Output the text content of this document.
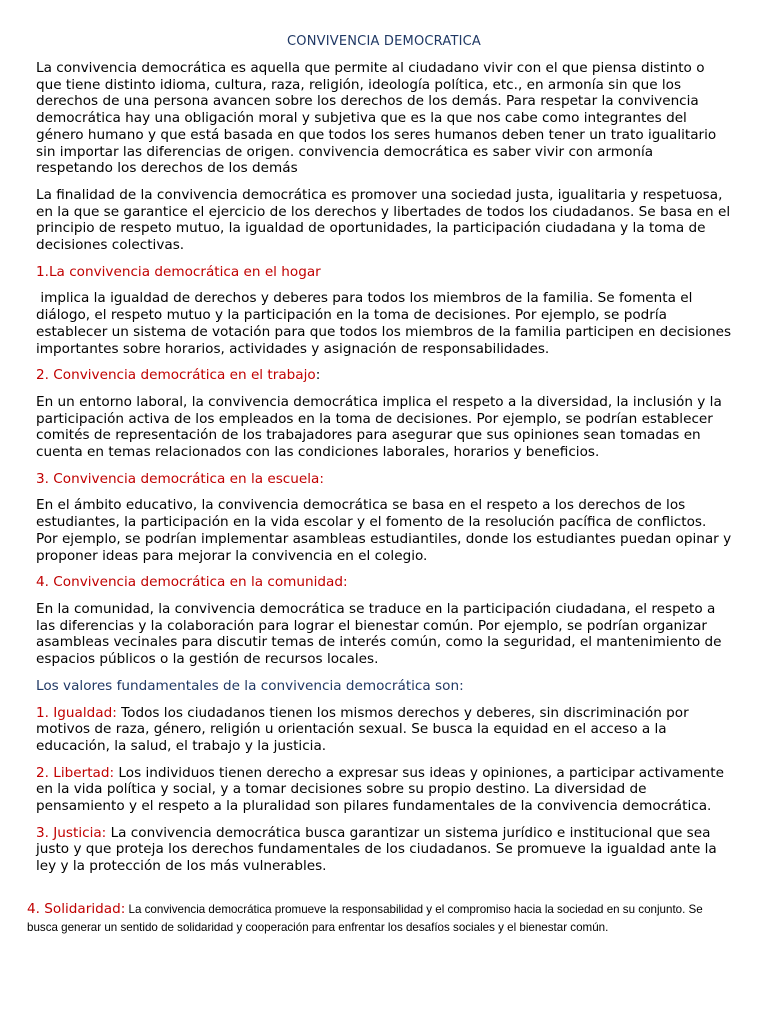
CONVIVENCIA DEMOCRATICA

La convivencia democrática es aquella que permite al ciudadano vivir con el que piensa distinto o que tiene distinto idioma, cultura, raza, religión, ideología política, etc., en armonía sin que los derechos de una persona avancen sobre los derechos de los demás. Para respetar la convivencia democrática hay una obligación moral y subjetiva que es la que nos cabe como integrantes del género humano y que está basada en que todos los seres humanos deben tener un trato igualitario sin importar las diferencias de origen. convivencia democrática es saber vivir con armonía respetando los derechos de los demás

La finalidad de la convivencia democrática es promover una sociedad justa, igualitaria y respetuosa, en la que se garantice el ejercicio de los derechos y libertades de todos los ciudadanos. Se basa en el principio de respeto mutuo, la igualdad de oportunidades, la participación ciudadana y la toma de decisiones colectivas.

1.La convivencia democrática en el hogar

implica la igualdad de derechos y deberes para todos los miembros de la familia. Se fomenta el diálogo, el respeto mutuo y la participación en la toma de decisiones. Por ejemplo, se podría establecer un sistema de votación para que todos los miembros de la familia participen en decisiones importantes sobre horarios, actividades y asignación de responsabilidades.

2. Convivencia democrática en el trabajo:

En un entorno laboral, la convivencia democrática implica el respeto a la diversidad, la inclusión y la participación activa de los empleados en la toma de decisiones. Por ejemplo, se podrían establecer comités de representación de los trabajadores para asegurar que sus opiniones sean tomadas en cuenta en temas relacionados con las condiciones laborales, horarios y beneficios.

3. Convivencia democrática en la escuela:

En el ámbito educativo, la convivencia democrática se basa en el respeto a los derechos de los estudiantes, la participación en la vida escolar y el fomento de la resolución pacífica de conflictos. Por ejemplo, se podrían implementar asambleas estudiantiles, donde los estudiantes puedan opinar y proponer ideas para mejorar la convivencia en el colegio.

4. Convivencia democrática en la comunidad:

En la comunidad, la convivencia democrática se traduce en la participación ciudadana, el respeto a las diferencias y la colaboración para lograr el bienestar común. Por ejemplo, se podrían organizar asambleas vecinales para discutir temas de interés común, como la seguridad, el mantenimiento de espacios públicos o la gestión de recursos locales.

Los valores fundamentales de la convivencia democrática son:

1. Igualdad: Todos los ciudadanos tienen los mismos derechos y deberes, sin discriminación por motivos de raza, género, religión u orientación sexual. Se busca la equidad en el acceso a la educación, la salud, el trabajo y la justicia.

2. Libertad: Los individuos tienen derecho a expresar sus ideas y opiniones, a participar activamente en la vida política y social, y a tomar decisiones sobre su propio destino. La diversidad de pensamiento y el respeto a la pluralidad son pilares fundamentales de la convivencia democrática.

3. Justicia: La convivencia democrática busca garantizar un sistema jurídico e institucional que sea justo y que proteja los derechos fundamentales de los ciudadanos. Se promueve la igualdad ante la ley y la protección de los más vulnerables.

4. Solidaridad: La convivencia democrática promueve la responsabilidad y el compromiso hacia la sociedad en su conjunto. Se busca generar un sentido de solidaridad y cooperación para enfrentar los desafíos sociales y el bienestar común.
